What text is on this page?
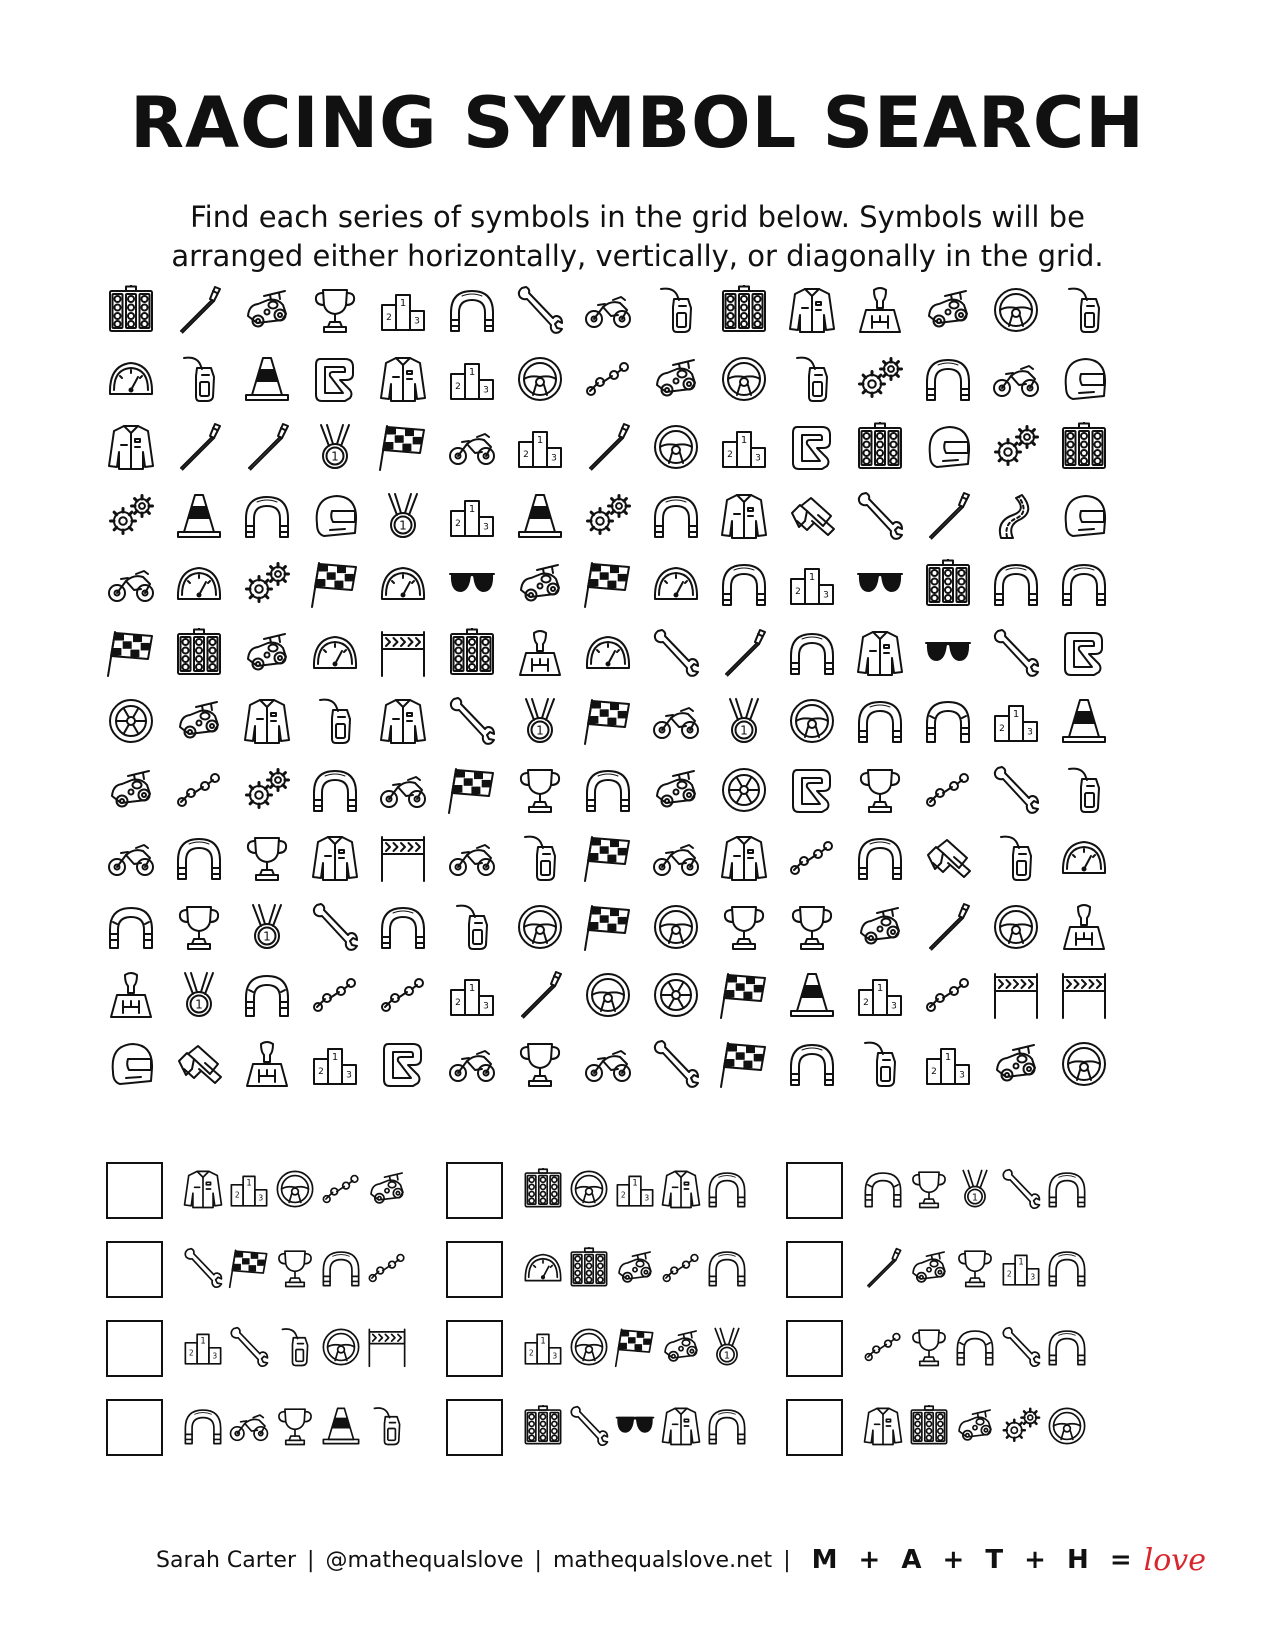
RACING SYMBOL SEARCH
Find each series of symbols in the grid below. Symbols will be
arranged either horizontally, vertically, or diagonally in the grid.
1
2 3
1
2 3
1
1
2 3
1
2 3
1
1
2 3
1
2 3
1	1
1
2 3
1
1
1
2 3
1
2 3
1
2 3
1
2 3
1
2 3
1
2 3	1
1
2 3
1
2 3
1
2 3	1
Sarah Carter | @mathequalslove | mathequalslove.net | M + A + T + H = love
